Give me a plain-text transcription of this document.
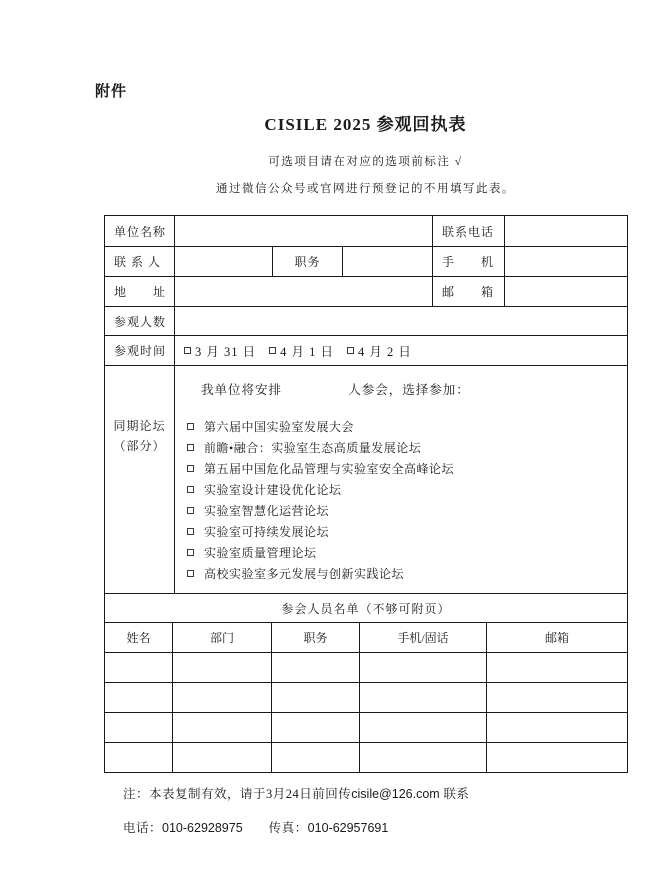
附件
CISILE 2025 参观回执表
可选项目请在对应的选项前标注 √
通过微信公众号或官网进行预登记的不用填写此表。
单位名称				联系电话	
联 系 人		职务		手　　机	
地　　址				邮　　箱	
参观人数					
参观时间	3 月 31 日 4 月 1 日 4 月 2 日				

同期论坛
（部分）

我单位将安排	人参会，选择参加：
第六届中国实验室发展大会
前瞻•融合：实验室生态高质量发展论坛
第五届中国危化品管理与实验室安全高峰论坛
实验室设计建设优化论坛
实验室智慧化运营论坛
实验室可持续发展论坛
实验室质量管理论坛
高校实验室多元发展与创新实践论坛
参会人员名单（不够可附页）				
姓名	部门	职务	手机/固话	邮箱

注：本表复制有效，请于3月24日前回传cisile@126.com 联系
电话：010-62928975 传真：010-62957691
